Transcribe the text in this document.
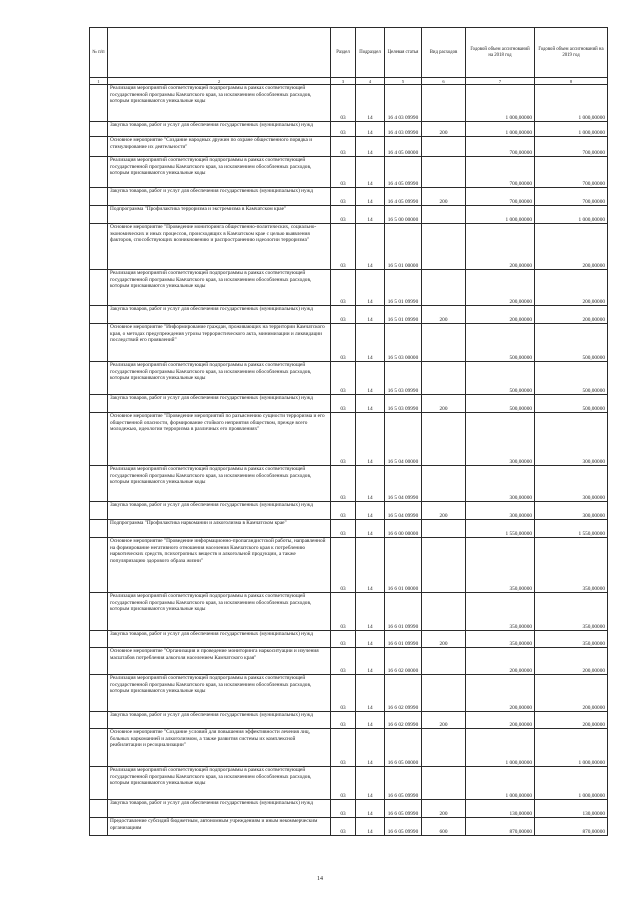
№ п/п		Раздел	Подраздел	Целевая статья	Вид расходов	Годовой объем ассигнований на 2018 год	Годовой объем ассигнований на 2019 год
1	2	3	4	5	6	7	8
	Реализация мероприятий соответствующей подпрограммы в рамках соответствующей государственной программы Камчатского края, за исключением обособленных расходов, которым присваиваются уникальные коды	03	14	16 4 03 09990		1 000,00000	1 000,00000
	Закупка товаров, работ и услуг для обеспечения государственных (муниципальных) нужд	03	14	16 4 03 09990	200	1 000,00000	1 000,00000
	Основное мероприятие "Создание народных дружин по охране общественного порядка и стимулирование их деятельности"	03	14	16 4 05 00000		700,00000	700,00000
	Реализация мероприятий соответствующей подпрограммы в рамках соответствующей государственной программы Камчатского края, за исключением обособленных расходов, которым присваиваются уникальные коды	03	14	16 4 05 09990		700,00000	700,00000
	Закупка товаров, работ и услуг для обеспечения государственных (муниципальных) нужд	03	14	16 4 05 09990	200	700,00000	700,00000
	Подпрограмма "Профилактика терроризма и экстремизма в Камчатском крае"	03	14	16 5 00 00000		1 000,00000	1 000,00000
	Основное мероприятие "Проведение мониторинга общественно-политических, социально-экономических и иных процессов, происходящих в Камчатском крае с целью выявления факторов, способствующих возникновению и распространению идеологии терроризма"	03	14	16 5 01 00000		200,00000	200,00000
	Реализация мероприятий соответствующей подпрограммы в рамках соответствующей государственной программы Камчатского края, за исключением обособленных расходов, которым присваиваются уникальные коды	03	14	16 5 01 09990		200,00000	200,00000
	Закупка товаров, работ и услуг для обеспечения государственных (муниципальных) нужд	03	14	16 5 01 09990	200	200,00000	200,00000
	Основное мероприятие "Информирование граждан, проживающих на территории Камчатского края, о методах предупреждения угрозы террористического акта, минимизации и ликвидации последствий его проявлений"	03	14	16 5 03 00000		500,00000	500,00000
	Реализация мероприятий соответствующей подпрограммы в рамках соответствующей государственной программы Камчатского края, за исключением обособленных расходов, которым присваиваются уникальные коды	03	14	16 5 03 09990		500,00000	500,00000
	Закупка товаров, работ и услуг для обеспечения государственных (муниципальных) нужд	03	14	16 5 03 09990	200	500,00000	500,00000
	Основное мероприятие "Проведение мероприятий по разъяснению сущности терроризма и его общественной опасности, формирование стойкого неприятия обществом, прежде всего молодежью, идеологии терроризма в различных его проявлениях"	03	14	16 5 04 00000		300,00000	300,00000
	Реализация мероприятий соответствующей подпрограммы в рамках соответствующей государственной программы Камчатского края, за исключением обособленных расходов, которым присваиваются уникальные коды	03	14	16 5 04 09990		300,00000	300,00000
	Закупка товаров, работ и услуг для обеспечения государственных (муниципальных) нужд	03	14	16 5 04 09990	200	300,00000	300,00000
	Подпрограмма "Профилактика наркомании и алкоголизма в Камчатском крае"	03	14	16 6 00 00000		1 550,00000	1 550,00000
	Основное мероприятие "Проведение информационно-пропагандистской работы, направленной на формирование негативного отношения населения Камчатского края к потреблению наркотических средств, психотропных веществ и алкогольной продукции, а также популяризацию здорового образа жизни"	03	14	16 6 01 00000		350,00000	350,00000
	Реализация мероприятий соответствующей подпрограммы в рамках соответствующей государственной программы Камчатского края, за исключением обособленных расходов, которым присваиваются уникальные коды	03	14	16 6 01 09990		350,00000	350,00000
	Закупка товаров, работ и услуг для обеспечения государственных (муниципальных) нужд	03	14	16 6 01 09990	200	350,00000	350,00000
	Основное мероприятие "Организация и проведение мониторинга наркоситуации и изучения масштабов потребления алкоголя населением Камчатского края"	03	14	16 6 02 00000		200,00000	200,00000
	Реализация мероприятий соответствующей подпрограммы в рамках соответствующей государственной программы Камчатского края, за исключением обособленных расходов, которым присваиваются уникальные коды	03	14	16 6 02 09990		200,00000	200,00000
	Закупка товаров, работ и услуг для обеспечения государственных (муниципальных) нужд	03	14	16 6 02 09990	200	200,00000	200,00000
	Основное мероприятие "Создание условий для повышения эффективности лечения лиц, больных наркоманией и алкоголизмом, а также развития системы их комплексной реабилитации и ресоциализации"	03	14	16 6 05 00000		1 000,00000	1 000,00000
	Реализация мероприятий соответствующей подпрограммы в рамках соответствующей государственной программы Камчатского края, за исключением обособленных расходов, которым присваиваются уникальные коды	03	14	16 6 05 09990		1 000,00000	1 000,00000
	Закупка товаров, работ и услуг для обеспечения государственных (муниципальных) нужд	03	14	16 6 05 09990	200	130,00000	130,00000
	Предоставление субсидий бюджетным, автономным учреждениям и иным некоммерческим организациям	03	14	16 6 05 09990	600	870,00000	870,00000
14
